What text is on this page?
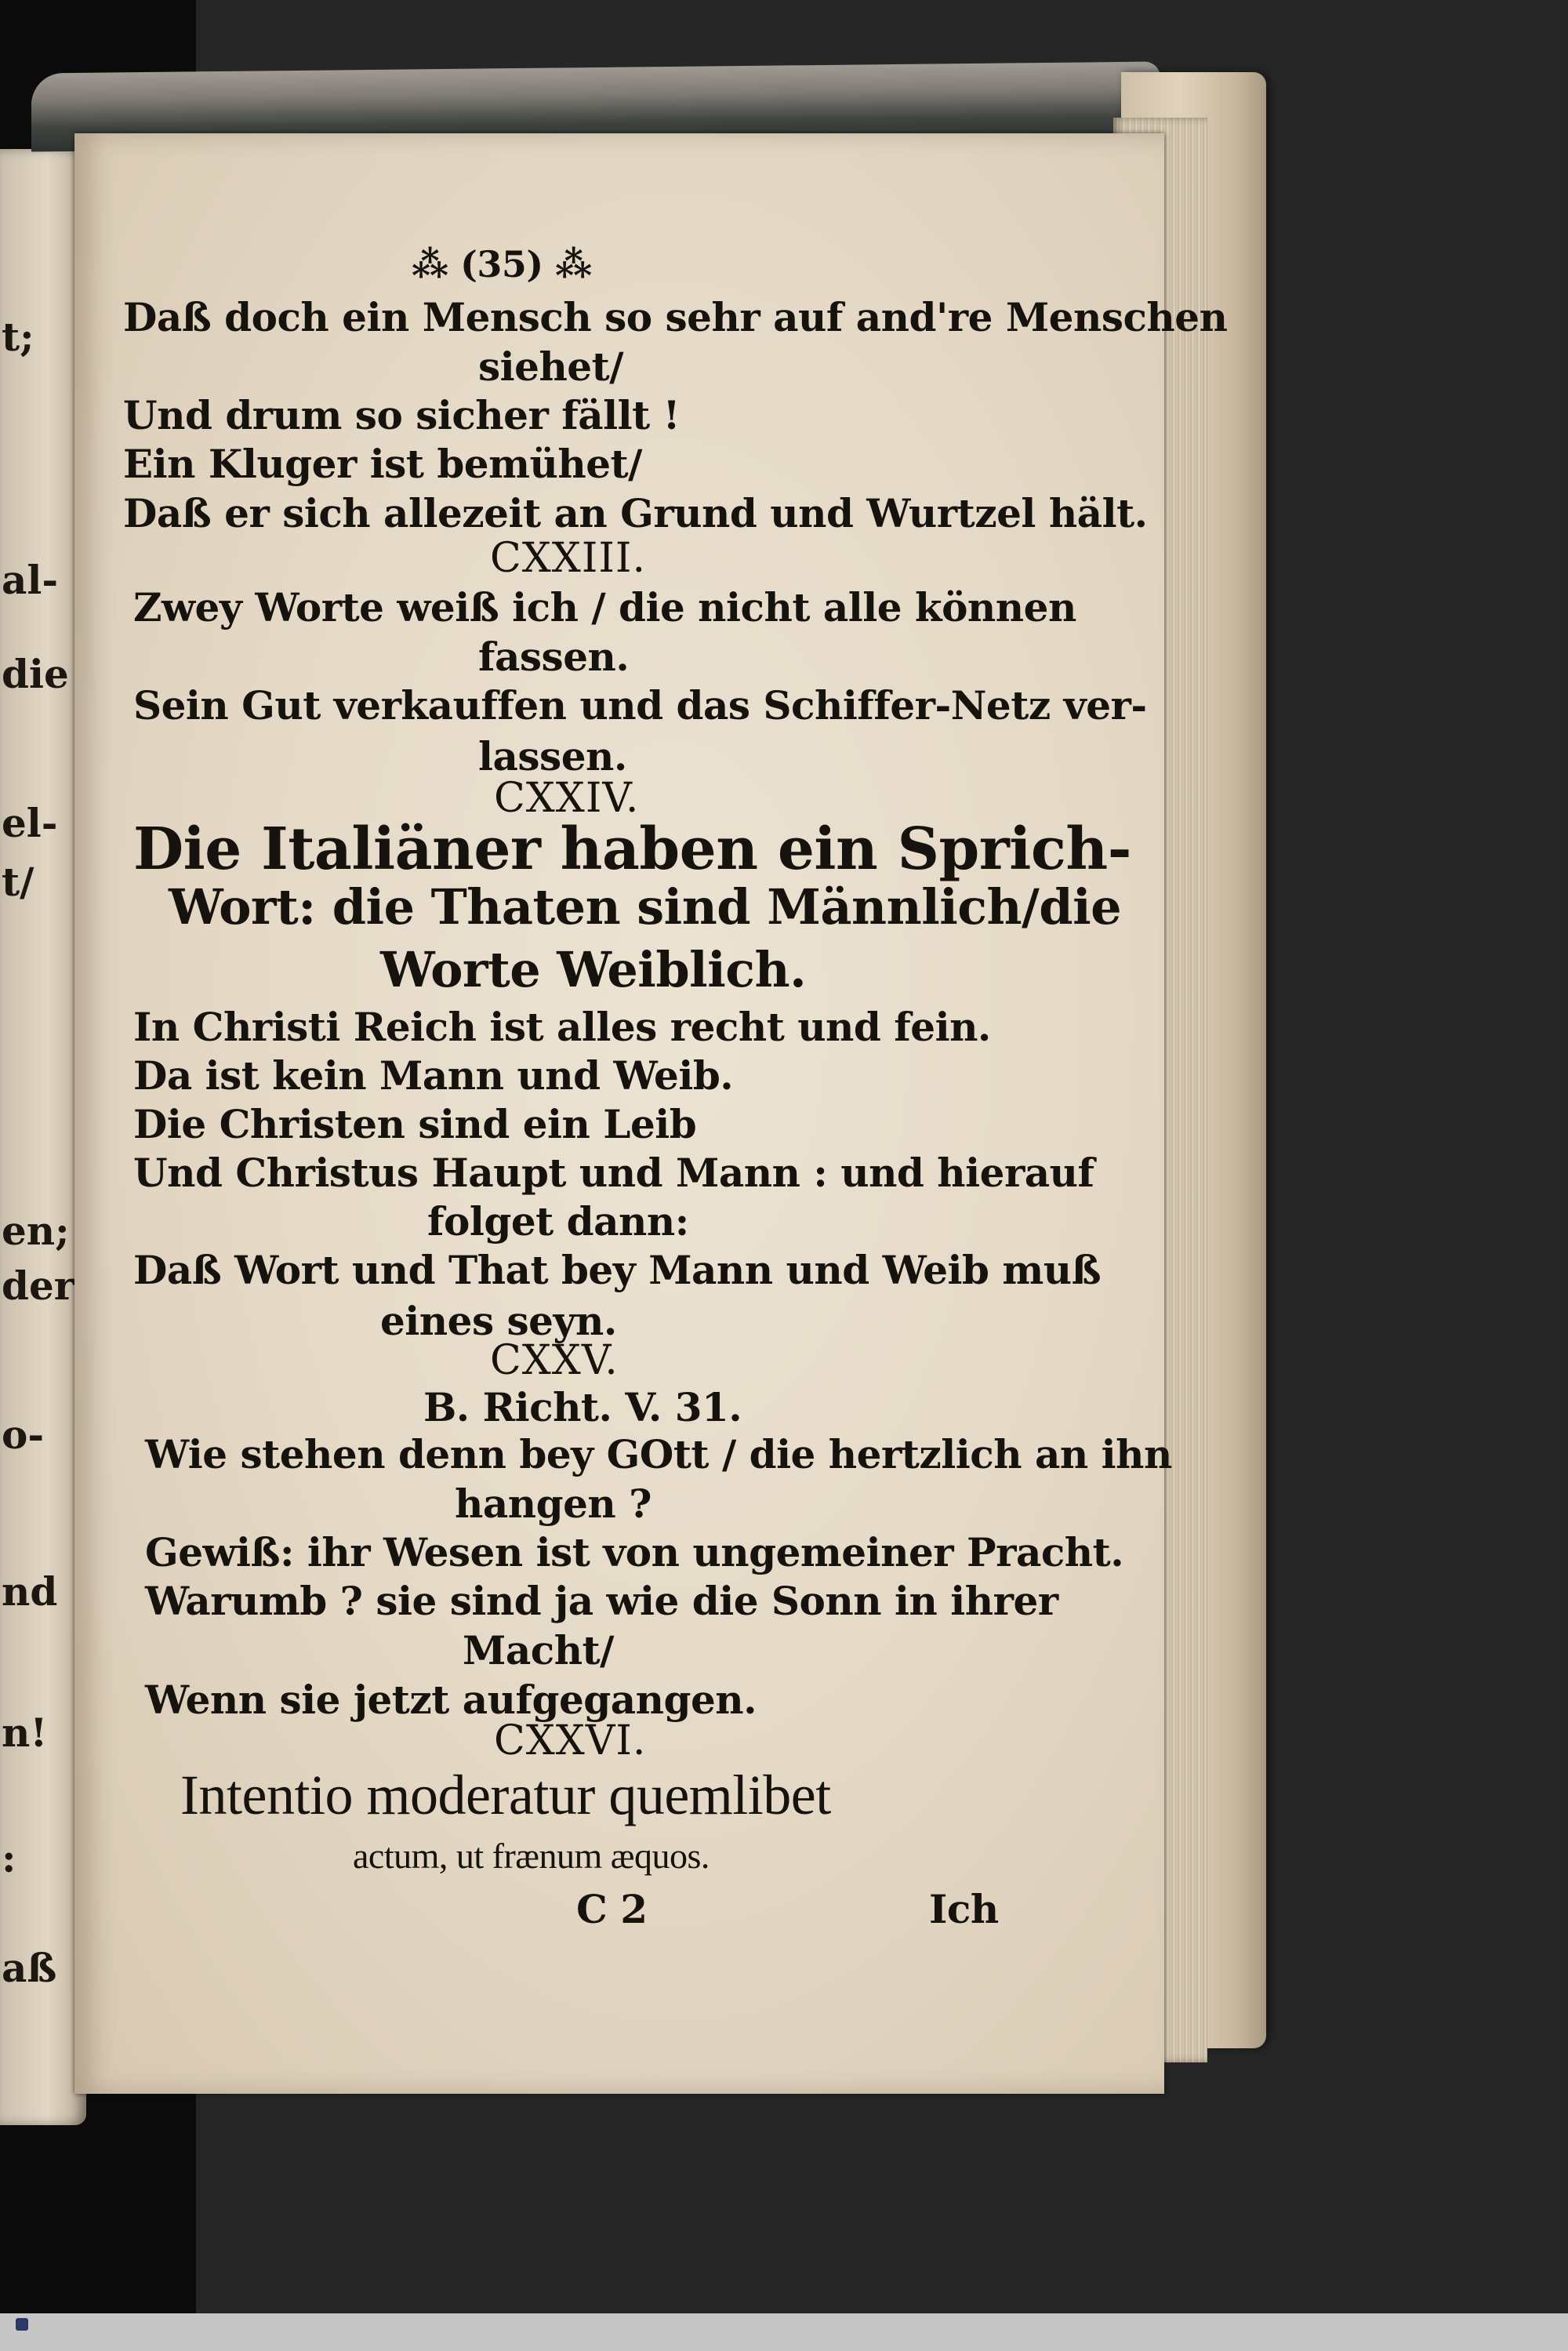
t;
al-
die
el-
t/
en;
der
o-
nd
n!
:
aß
⁂ (35) ⁂
Daß doch ein Mensch so sehr auf and're Menschen
siehet/
Und drum so sicher fällt !
Ein Kluger ist bemühet/
Daß er sich allezeit an Grund und Wurtzel hält.
CXXIII.
Zwey Worte weiß ich / die nicht alle können
fassen.
Sein Gut verkauffen und das Schiffer-Netz ver-
lassen.
CXXIV.
Die Italiäner haben ein Sprich-
Wort: die Thaten sind Männlich/die
Worte Weiblich.
In Christi Reich ist alles recht und fein.
Da ist kein Mann und Weib.
Die Christen sind ein Leib
Und Christus Haupt und Mann : und hierauf
folget dann:
Daß Wort und That bey Mann und Weib muß
eines seyn.
CXXV.
B. Richt. V. 31.
Wie stehen denn bey GOtt / die hertzlich an ihn
hangen ?
Gewiß: ihr Wesen ist von ungemeiner Pracht.
Warumb ? sie sind ja wie die Sonn in ihrer
Macht/
Wenn sie jetzt aufgegangen.
CXXVI.
Intentio moderatur quemlibet
actum, ut frænum æquos.
C 2	Ich
